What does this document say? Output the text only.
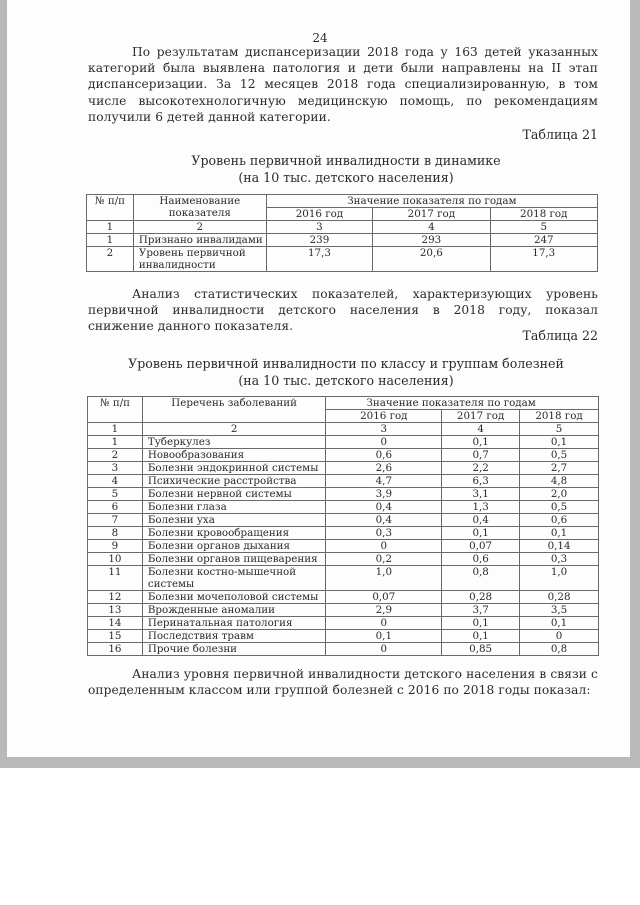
24
По результатам диспансеризации 2018 года у 163 детей указанных категорий была выявлена патология и дети были направлены на II этап диспансеризации. За 12 месяцев 2018 года специализированную, в том числе высокотехнологичную медицинскую помощь, по рекомендациям получили 6 детей данной категории.
Таблица 21
Уровень первичной инвалидности в динамике
(на 10 тыс. детского населения)
№ п/п	Наименование показателя	Значение показателя по годам		
		2016 год	2017 год	2018 год
1	2	3	4	5
1	Признано инвалидами	239	293	247
2	Уровень первичной инвалидности	17,3	20,6	17,3
Анализ статистических показателей, характеризующих уровень первичной инвалидности детского населения в 2018 году, показал снижение данного показателя.
Таблица 22
Уровень первичной инвалидности по классу и группам болезней
(на 10 тыс. детского населения)
№ п/п	Перечень заболеваний	Значение показателя по годам		
		2016 год	2017 год	2018 год
1	2	3	4	5
1	Туберкулез	0	0,1	0,1
2	Новообразования	0,6	0,7	0,5
3	Болезни эндокринной системы	2,6	2,2	2,7
4	Психические расстройства	4,7	6,3	4,8
5	Болезни нервной системы	3,9	3,1	2,0
6	Болезни глаза	0,4	1,3	0,5
7	Болезни уха	0,4	0,4	0,6
8	Болезни кровообращения	0,3	0,1	0,1
9	Болезни органов дыхания	0	0,07	0,14
10	Болезни органов пищеварения	0,2	0,6	0,3
11	Болезни костно-мышечной системы	1,0	0,8	1,0
12	Болезни мочеполовой системы	0,07	0,28	0,28
13	Врожденные аномалии	2,9	3,7	3,5
14	Перинатальная патология	0	0,1	0,1
15	Последствия травм	0,1	0,1	0
16	Прочие болезни	0	0,85	0,8
Анализ уровня первичной инвалидности детского населения в связи с определенным классом или группой болезней с 2016 по 2018 годы показал:
